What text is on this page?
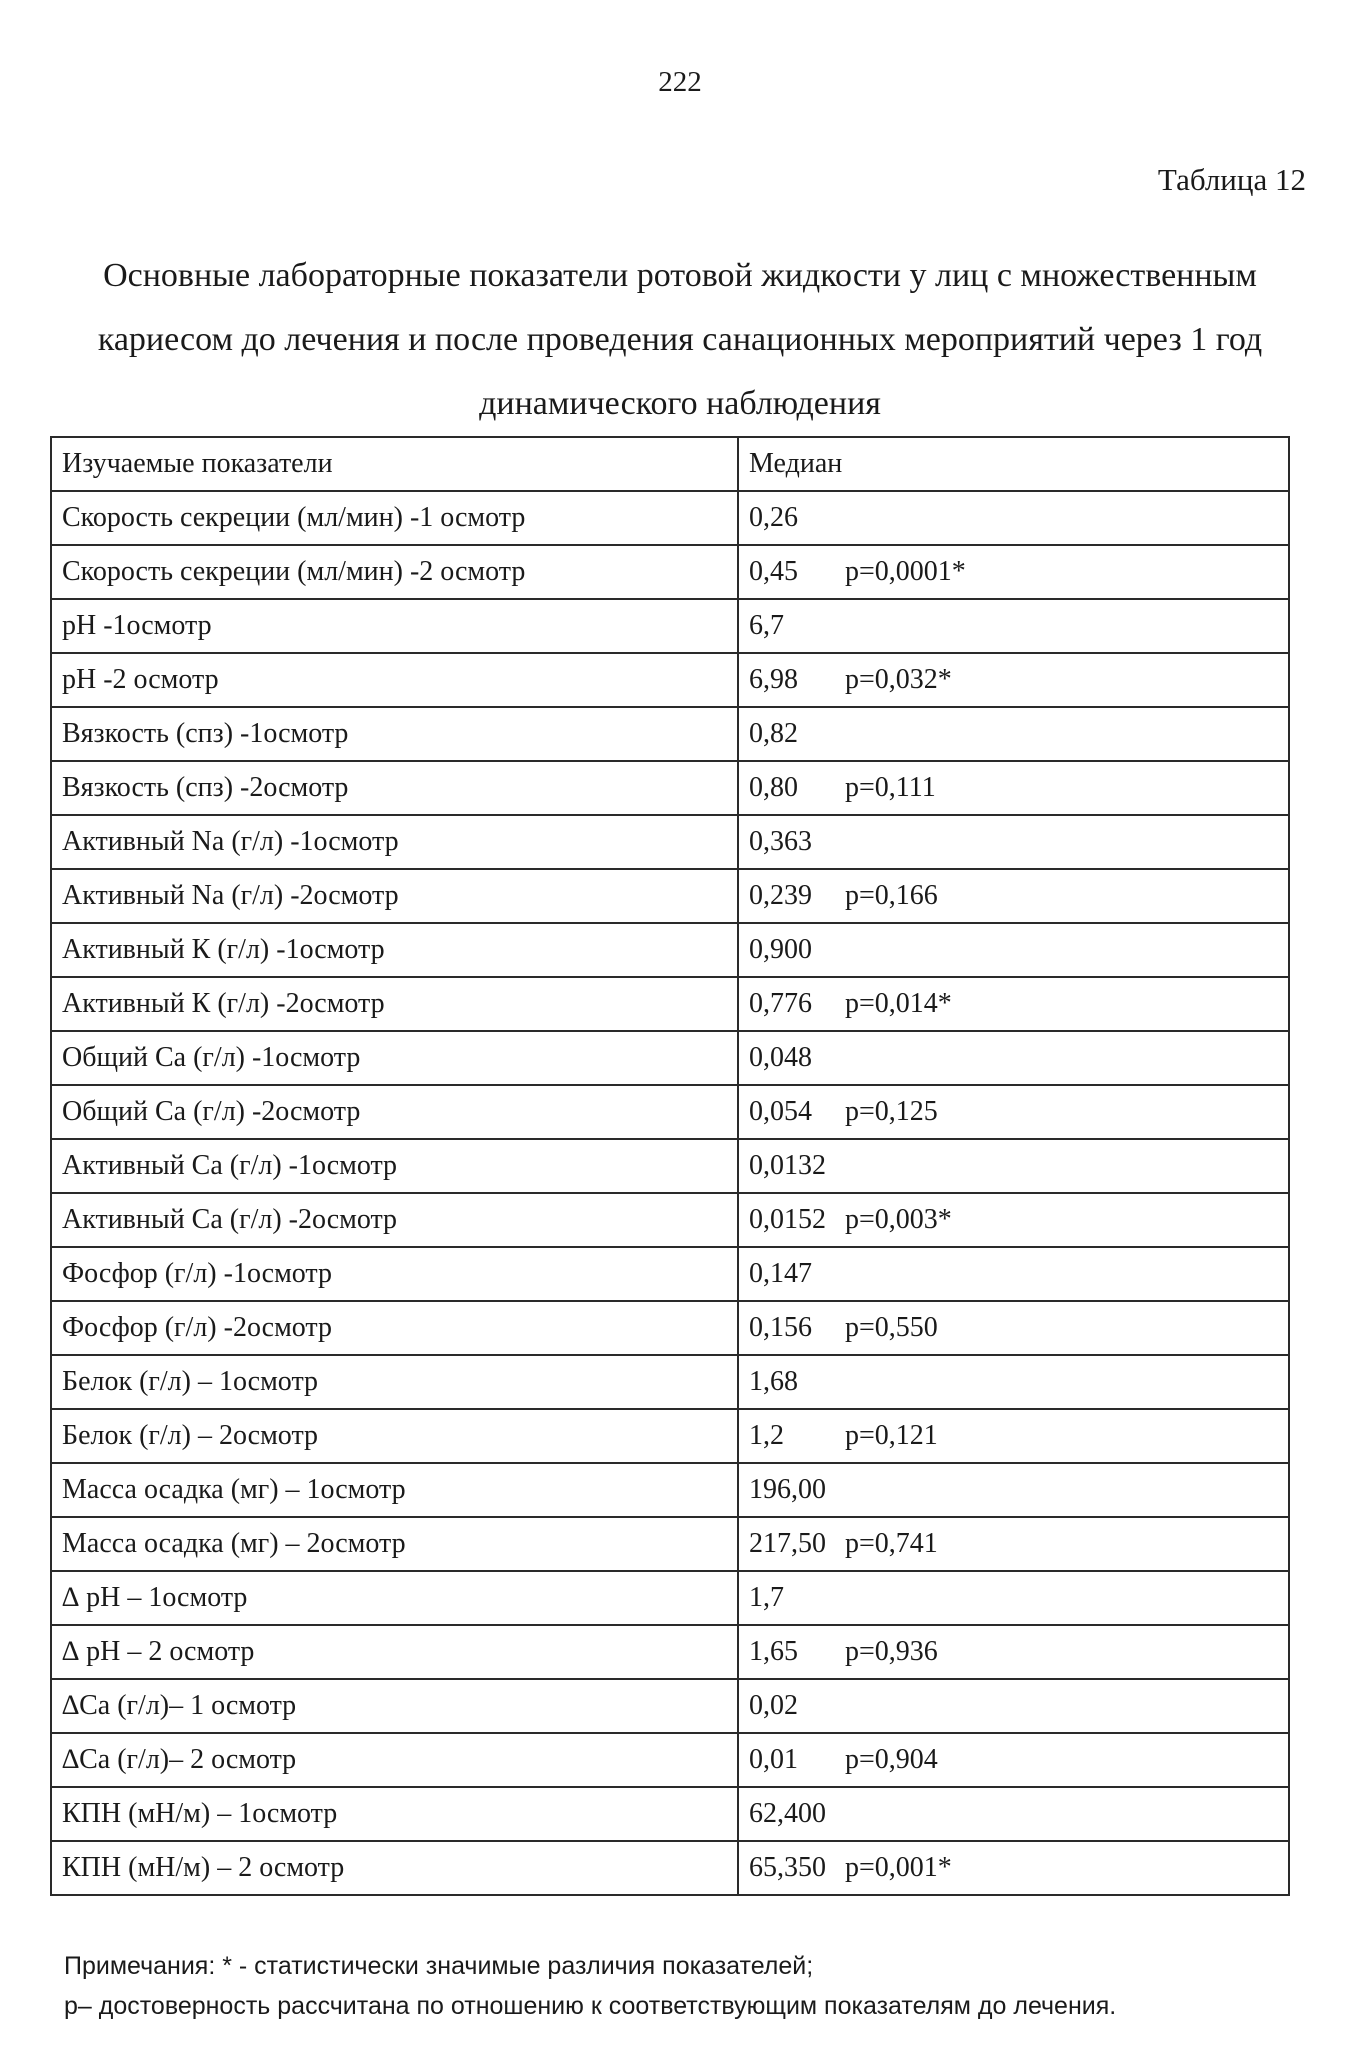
222
Таблица 12
Основные лабораторные показатели ротовой жидкости у лиц с множественным
кариесом до лечения и после проведения санационных мероприятий через 1 год
динамического наблюдения
Изучаемые показатели	Медиан
Скорость секреции (мл/мин) -1 осмотр	0,26
Скорость секреции (мл/мин) -2 осмотр	0,45 p=0,0001*
pH -1осмотр	6,7
pH -2 осмотр	6,98 p=0,032*
Вязкость (спз) -1осмотр	0,82
Вязкость (спз) -2осмотр	0,80 p=0,111
Активный Na (г/л) -1осмотр	0,363
Активный Na (г/л) -2осмотр	0,239 p=0,166
Активный К (г/л) -1осмотр	0,900
Активный К (г/л) -2осмотр	0,776 p=0,014*
Общий Са (г/л) -1осмотр	0,048
Общий Са (г/л) -2осмотр	0,054 p=0,125
Активный Са (г/л) -1осмотр	0,0132
Активный Са (г/л) -2осмотр	0,0152 p=0,003*
Фосфор (г/л) -1осмотр	0,147
Фосфор (г/л) -2осмотр	0,156 p=0,550
Белок (г/л) – 1осмотр	1,68
Белок (г/л) – 2осмотр	1,2 p=0,121
Масса осадка (мг) – 1осмотр	196,00
Масса осадка (мг) – 2осмотр	217,50 p=0,741
∆ pH – 1осмотр	1,7
∆ pH – 2 осмотр	1,65 p=0,936
∆Са (г/л)– 1 осмотр	0,02
∆Са (г/л)– 2 осмотр	0,01 p=0,904
КПН (мН/м) – 1осмотр	62,400
КПН (мН/м) – 2 осмотр	65,350 p=0,001*
Примечания: * - статистически значимые различия показателей;
p– достоверность рассчитана по отношению к соответствующим показателям до лечения.
